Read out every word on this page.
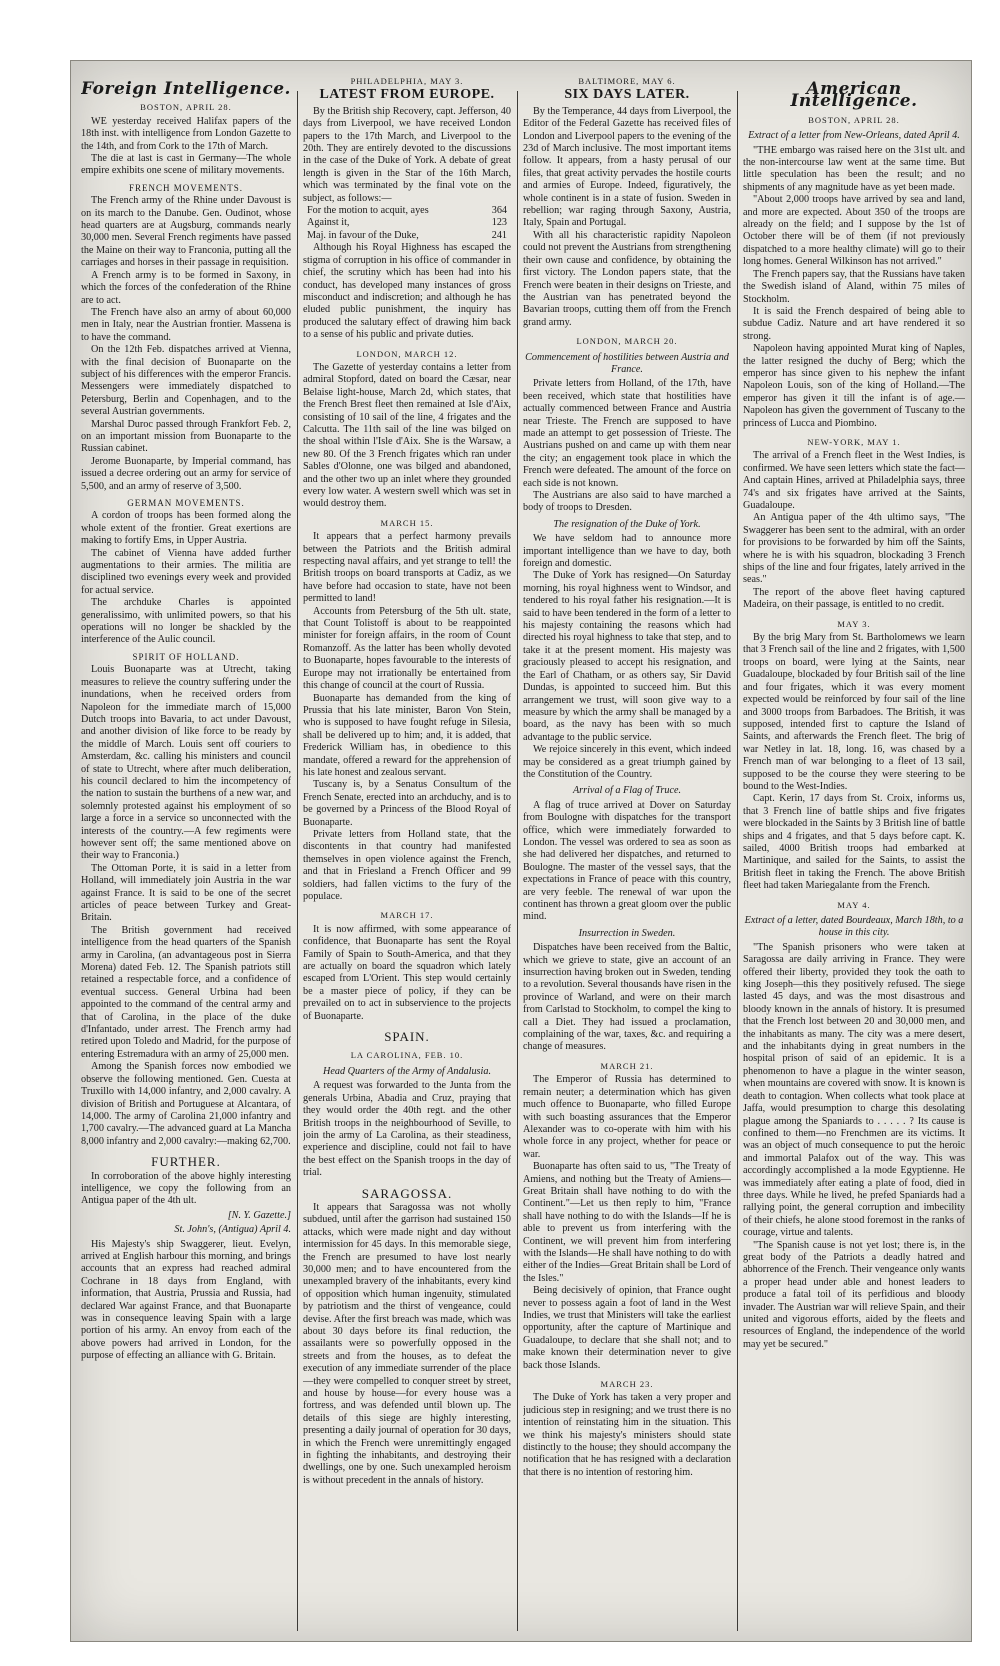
Foreign Intelligence.
BOSTON, APRIL 28.

WE yesterday received Halifax papers of the 18th inst. with intelligence from London Gazette to the 14th, and from Cork to the 17th of March.

The die at last is cast in Germany—The whole empire exhibits one scene of military movements.

FRENCH MOVEMENTS.

The French army of the Rhine under Davoust is on its march to the Danube. Gen. Oudinot, whose head quarters are at Augsburg, commands nearly 30,000 men. Several French regiments have passed the Maine on their way to Franconia, putting all the carriages and horses in their passage in requisition.

A French army is to be formed in Saxony, in which the forces of the confederation of the Rhine are to act.

The French have also an army of about 60,000 men in Italy, near the Austrian frontier. Massena is to have the command.

On the 12th Feb. dispatches arrived at Vienna, with the final decision of Buonaparte on the subject of his differences with the emperor Francis. Messengers were immediately dispatched to Petersburg, Berlin and Copenhagen, and to the several Austrian governments.

Marshal Duroc passed through Frankfort Feb. 2, on an important mission from Buonaparte to the Russian cabinet.

Jerome Buonaparte, by Imperial command, has issued a decree ordering out an army for service of 5,500, and an army of reserve of 3,500.

GERMAN MOVEMENTS.

A cordon of troops has been formed along the whole extent of the frontier. Great exertions are making to fortify Ems, in Upper Austria.

The cabinet of Vienna have added further augmentations to their armies. The militia are disciplined two evenings every week and provided for actual service.

The archduke Charles is appointed generalissimo, with unlimited powers, so that his operations will no longer be shackled by the interference of the Aulic council.

SPIRIT OF HOLLAND.

Louis Buonaparte was at Utrecht, taking measures to relieve the country suffering under the inundations, when he received orders from Napoleon for the immediate march of 15,000 Dutch troops into Bavaria, to act under Davoust, and another division of like force to be ready by the middle of March. Louis sent off couriers to Amsterdam, &c. calling his ministers and council of state to Utrecht, where after much deliberation, his council declared to him the incompetency of the nation to sustain the burthens of a new war, and solemnly protested against his employment of so large a force in a service so unconnected with the interests of the country.—A few regiments were however sent off; the same mentioned above on their way to Franconia.)

The Ottoman Porte, it is said in a letter from Holland, will immediately join Austria in the war against France. It is said to be one of the secret articles of peace between Turkey and Great-Britain.

The British government had received intelligence from the head quarters of the Spanish army in Carolina, (an advantageous post in Sierra Morena) dated Feb. 12. The Spanish patriots still retained a respectable force, and a confidence of eventual success. General Urbina had been appointed to the command of the central army and that of Carolina, in the place of the duke d'Infantado, under arrest. The French army had retired upon Toledo and Madrid, for the purpose of entering Estremadura with an army of 25,000 men.

Among the Spanish forces now embodied we observe the following mentioned. Gen. Cuesta at Truxillo with 14,000 infantry, and 2,000 cavalry. A division of British and Portuguese at Alcantara, of 14,000. The army of Carolina 21,000 infantry and 1,700 cavalry.—The advanced guard at La Mancha 8,000 infantry and 2,000 cavalry:—making 62,700.

FURTHER.

In corroboration of the above highly interesting intelligence, we copy the following from an Antigua paper of the 4th ult.

[N. Y. Gazette.]
St. John's, (Antigua) April 4.

His Majesty's ship Swaggerer, lieut. Evelyn, arrived at English harbour this morning, and brings accounts that an express had reached admiral Cochrane in 18 days from England, with information, that Austria, Prussia and Russia, had declared War against France, and that Buonaparte was in consequence leaving Spain with a large portion of his army. An envoy from each of the above powers had arrived in London, for the purpose of effecting an alliance with G. Britain.

PHILADELPHIA, MAY 3.
LATEST FROM EUROPE.

By the British ship Recovery, capt. Jefferson, 40 days from Liverpool, we have received London papers to the 17th March, and Liverpool to the 20th. They are entirely devoted to the discussions in the case of the Duke of York. A debate of great length is given in the Star of the 16th March, which was terminated by the final vote on the subject, as follows:—

For the motion to acquit, ayes	364
Against it,	123
Maj. in favour of the Duke,	241

Although his Royal Highness has escaped the stigma of corruption in his office of commander in chief, the scrutiny which has been had into his conduct, has developed many instances of gross misconduct and indiscretion; and although he has eluded public punishment, the inquiry has produced the salutary effect of drawing him back to a sense of his public and private duties.

LONDON, MARCH 12.

The Gazette of yesterday contains a letter from admiral Stopford, dated on board the Cæsar, near Belaise light-house, March 2d, which states, that the French Brest fleet then remained at Isle d'Aix, consisting of 10 sail of the line, 4 frigates and the Calcutta. The 11th sail of the line was bilged on the shoal within l'Isle d'Aix. She is the Warsaw, a new 80. Of the 3 French frigates which ran under Sables d'Olonne, one was bilged and abandoned, and the other two up an inlet where they grounded every low water. A western swell which was set in would destroy them.

MARCH 15.

It appears that a perfect harmony prevails between the Patriots and the British admiral respecting naval affairs, and yet strange to tell! the British troops on board transports at Cadiz, as we have before had occasion to state, have not been permitted to land!

Accounts from Petersburg of the 5th ult. state, that Count Tolistoff is about to be reappointed minister for foreign affairs, in the room of Count Romanzoff. As the latter has been wholly devoted to Buonaparte, hopes favourable to the interests of Europe may not irrationally be entertained from this change of council at the court of Russia.

Buonaparte has demanded from the king of Prussia that his late minister, Baron Von Stein, who is supposed to have fought refuge in Silesia, shall be delivered up to him; and, it is added, that Frederick William has, in obedience to this mandate, offered a reward for the apprehension of his late honest and zealous servant.

Tuscany is, by a Senatus Consultum of the French Senate, erected into an archduchy, and is to be governed by a Princess of the Blood Royal of Buonaparte.

Private letters from Holland state, that the discontents in that country had manifested themselves in open violence against the French, and that in Friesland a French Officer and 99 soldiers, had fallen victims to the fury of the populace.

MARCH 17.

It is now affirmed, with some appearance of confidence, that Buonaparte has sent the Royal Family of Spain to South-America, and that they are actually on board the squadron which lately escaped from L'Orient. This step would certainly be a master piece of policy, if they can be prevailed on to act in subservience to the projects of Buonaparte.

SPAIN.
LA CAROLINA, FEB. 10.
Head Quarters of the Army of Andalusia.

A request was forwarded to the Junta from the generals Urbina, Abadia and Cruz, praying that they would order the 40th regt. and the other British troops in the neighbourhood of Seville, to join the army of La Carolina, as their steadiness, experience and discipline, could not fail to have the best effect on the Spanish troops in the day of trial.

SARAGOSSA.

It appears that Saragossa was not wholly subdued, until after the garrison had sustained 150 attacks, which were made night and day without intermission for 45 days. In this memorable siege, the French are presumed to have lost nearly 30,000 men; and to have encountered from the unexampled bravery of the inhabitants, every kind of opposition which human ingenuity, stimulated by patriotism and the thirst of vengeance, could devise. After the first breach was made, which was about 30 days before its final reduction, the assailants were so powerfully opposed in the streets and from the houses, as to defeat the execution of any immediate surrender of the place—they were compelled to conquer street by street, and house by house—for every house was a fortress, and was defended until blown up. The details of this siege are highly interesting, presenting a daily journal of operation for 30 days, in which the French were unremittingly engaged in fighting the inhabitants, and destroying their dwellings, one by one. Such unexampled heroism is without precedent in the annals of history.

BALTIMORE, MAY 6.
SIX DAYS LATER.

By the Temperance, 44 days from Liverpool, the Editor of the Federal Gazette has received files of London and Liverpool papers to the evening of the 23d of March inclusive. The most important items follow. It appears, from a hasty perusal of our files, that great activity pervades the hostile courts and armies of Europe. Indeed, figuratively, the whole continent is in a state of fusion. Sweden in rebellion; war raging through Saxony, Austria, Italy, Spain and Portugal.

With all his characteristic rapidity Napoleon could not prevent the Austrians from strengthening their own cause and confidence, by obtaining the first victory. The London papers state, that the French were beaten in their designs on Trieste, and the Austrian van has penetrated beyond the Bavarian troops, cutting them off from the French grand army.

LONDON, MARCH 20.
Commencement of hostilities between Austria and France.

Private letters from Holland, of the 17th, have been received, which state that hostilities have actually commenced between France and Austria near Trieste. The French are supposed to have made an attempt to get possession of Trieste. The Austrians pushed on and came up with them near the city; an engagement took place in which the French were defeated. The amount of the force on each side is not known.

The Austrians are also said to have marched a body of troops to Dresden.

The resignation of the Duke of York.

We have seldom had to announce more important intelligence than we have to day, both foreign and domestic.

The Duke of York has resigned—On Saturday morning, his royal highness went to Windsor, and tendered to his royal father his resignation.—It is said to have been tendered in the form of a letter to his majesty containing the reasons which had directed his royal highness to take that step, and to take it at the present moment. His majesty was graciously pleased to accept his resignation, and the Earl of Chatham, or as others say, Sir David Dundas, is appointed to succeed him. But this arrangement we trust, will soon give way to a measure by which the army shall be managed by a board, as the navy has been with so much advantage to the public service.

We rejoice sincerely in this event, which indeed may be considered as a great triumph gained by the Constitution of the Country.

Arrival of a Flag of Truce.

A flag of truce arrived at Dover on Saturday from Boulogne with dispatches for the transport office, which were immediately forwarded to London. The vessel was ordered to sea as soon as she had delivered her dispatches, and returned to Boulogne. The master of the vessel says, that the expectations in France of peace with this country, are very feeble. The renewal of war upon the continent has thrown a great gloom over the public mind.

Insurrection in Sweden.

Dispatches have been received from the Baltic, which we grieve to state, give an account of an insurrection having broken out in Sweden, tending to a revolution. Several thousands have risen in the province of Warland, and were on their march from Carlstad to Stockholm, to compel the king to call a Diet. They had issued a proclamation, complaining of the war, taxes, &c. and requiring a change of measures.

MARCH 21.

The Emperor of Russia has determined to remain neuter; a determination which has given much offence to Buonaparte, who filled Europe with such boasting assurances that the Emperor Alexander was to co-operate with him with his whole force in any project, whether for peace or war.

Buonaparte has often said to us, "The Treaty of Amiens, and nothing but the Treaty of Amiens—Great Britain shall have nothing to do with the Continent."—Let us then reply to him, "France shall have nothing to do with the Islands—If he is able to prevent us from interfering with the Continent, we will prevent him from interfering with the Islands—He shall have nothing to do with either of the Indies—Great Britain shall be Lord of the Isles."

Being decisively of opinion, that France ought never to possess again a foot of land in the West Indies, we trust that Ministers will take the earliest opportunity, after the capture of Martinique and Guadaloupe, to declare that she shall not; and to make known their determination never to give back those Islands.

MARCH 23.

The Duke of York has taken a very proper and judicious step in resigning; and we trust there is no intention of reinstating him in the situation. This we think his majesty's ministers should state distinctly to the house; they should accompany the notification that he has resigned with a declaration that there is no intention of restoring him.

American Intelligence.
BOSTON, APRIL 28.
Extract of a letter from New-Orleans, dated April 4.

"THE embargo was raised here on the 31st ult. and the non-intercourse law went at the same time. But little speculation has been the result; and no shipments of any magnitude have as yet been made.

"About 2,000 troops have arrived by sea and land, and more are expected. About 350 of the troops are already on the field; and I suppose by the 1st of October there will be of them (if not previously dispatched to a more healthy climate) will go to their long homes. General Wilkinson has not arrived."

The French papers say, that the Russians have taken the Swedish island of Aland, within 75 miles of Stockholm.

It is said the French despaired of being able to subdue Cadiz. Nature and art have rendered it so strong.

Napoleon having appointed Murat king of Naples, the latter resigned the duchy of Berg; which the emperor has since given to his nephew the infant Napoleon Louis, son of the king of Holland.—The emperor has given it till the infant is of age.—Napoleon has given the government of Tuscany to the princess of Lucca and Piombino.

NEW-YORK, MAY 1.

The arrival of a French fleet in the West Indies, is confirmed. We have seen letters which state the fact—And captain Hines, arrived at Philadelphia says, three 74's and six frigates have arrived at the Saints, Guadaloupe.

An Antigua paper of the 4th ultimo says, "The Swaggerer has been sent to the admiral, with an order for provisions to be forwarded by him off the Saints, where he is with his squadron, blockading 3 French ships of the line and four frigates, lately arrived in the seas."

The report of the above fleet having captured Madeira, on their passage, is entitled to no credit.

MAY 3.

By the brig Mary from St. Bartholomews we learn that 3 French sail of the line and 2 frigates, with 1,500 troops on board, were lying at the Saints, near Guadaloupe, blockaded by four British sail of the line and four frigates, which it was every moment expected would be reinforced by four sail of the line and 3000 troops from Barbadoes. The British, it was supposed, intended first to capture the Island of Saints, and afterwards the French fleet. The brig of war Netley in lat. 18, long. 16, was chased by a French man of war belonging to a fleet of 13 sail, supposed to be the course they were steering to be bound to the West-Indies.

Capt. Kerin, 17 days from St. Croix, informs us, that 3 French line of battle ships and five frigates were blockaded in the Saints by 3 British line of battle ships and 4 frigates, and that 5 days before capt. K. sailed, 4000 British troops had embarked at Martinique, and sailed for the Saints, to assist the British fleet in taking the French. The above British fleet had taken Mariegalante from the French.

MAY 4.
Extract of a letter, dated Bourdeaux, March 18th, to a house in this city.

"The Spanish prisoners who were taken at Saragossa are daily arriving in France. They were offered their liberty, provided they took the oath to king Joseph—this they positively refused. The siege lasted 45 days, and was the most disastrous and bloody known in the annals of history. It is presumed that the French lost between 20 and 30,000 men, and the inhabitants as many. The city was a mere desert, and the inhabitants dying in great numbers in the hospital prison of said of an epidemic. It is a phenomenon to have a plague in the winter season, when mountains are covered with snow. It is known is death to contagion. When collects what took place at Jaffa, would presumption to charge this desolating plague among the Spaniards to . . . . . ? Its cause is confined to them—no Frenchmen are its victims. It was an object of much consequence to put the heroic and immortal Palafox out of the way. This was accordingly accomplished a la mode Egyptienne. He was immediately after eating a plate of food, died in three days. While he lived, he prefed Spaniards had a rallying point, the general corruption and imbecility of their chiefs, he alone stood foremost in the ranks of courage, virtue and talents.

"The Spanish cause is not yet lost; there is, in the great body of the Patriots a deadly hatred and abhorrence of the French. Their vengeance only wants a proper head under able and honest leaders to produce a fatal toil of its perfidious and bloody invader. The Austrian war will relieve Spain, and their united and vigorous efforts, aided by the fleets and resources of England, the independence of the world may yet be secured."
